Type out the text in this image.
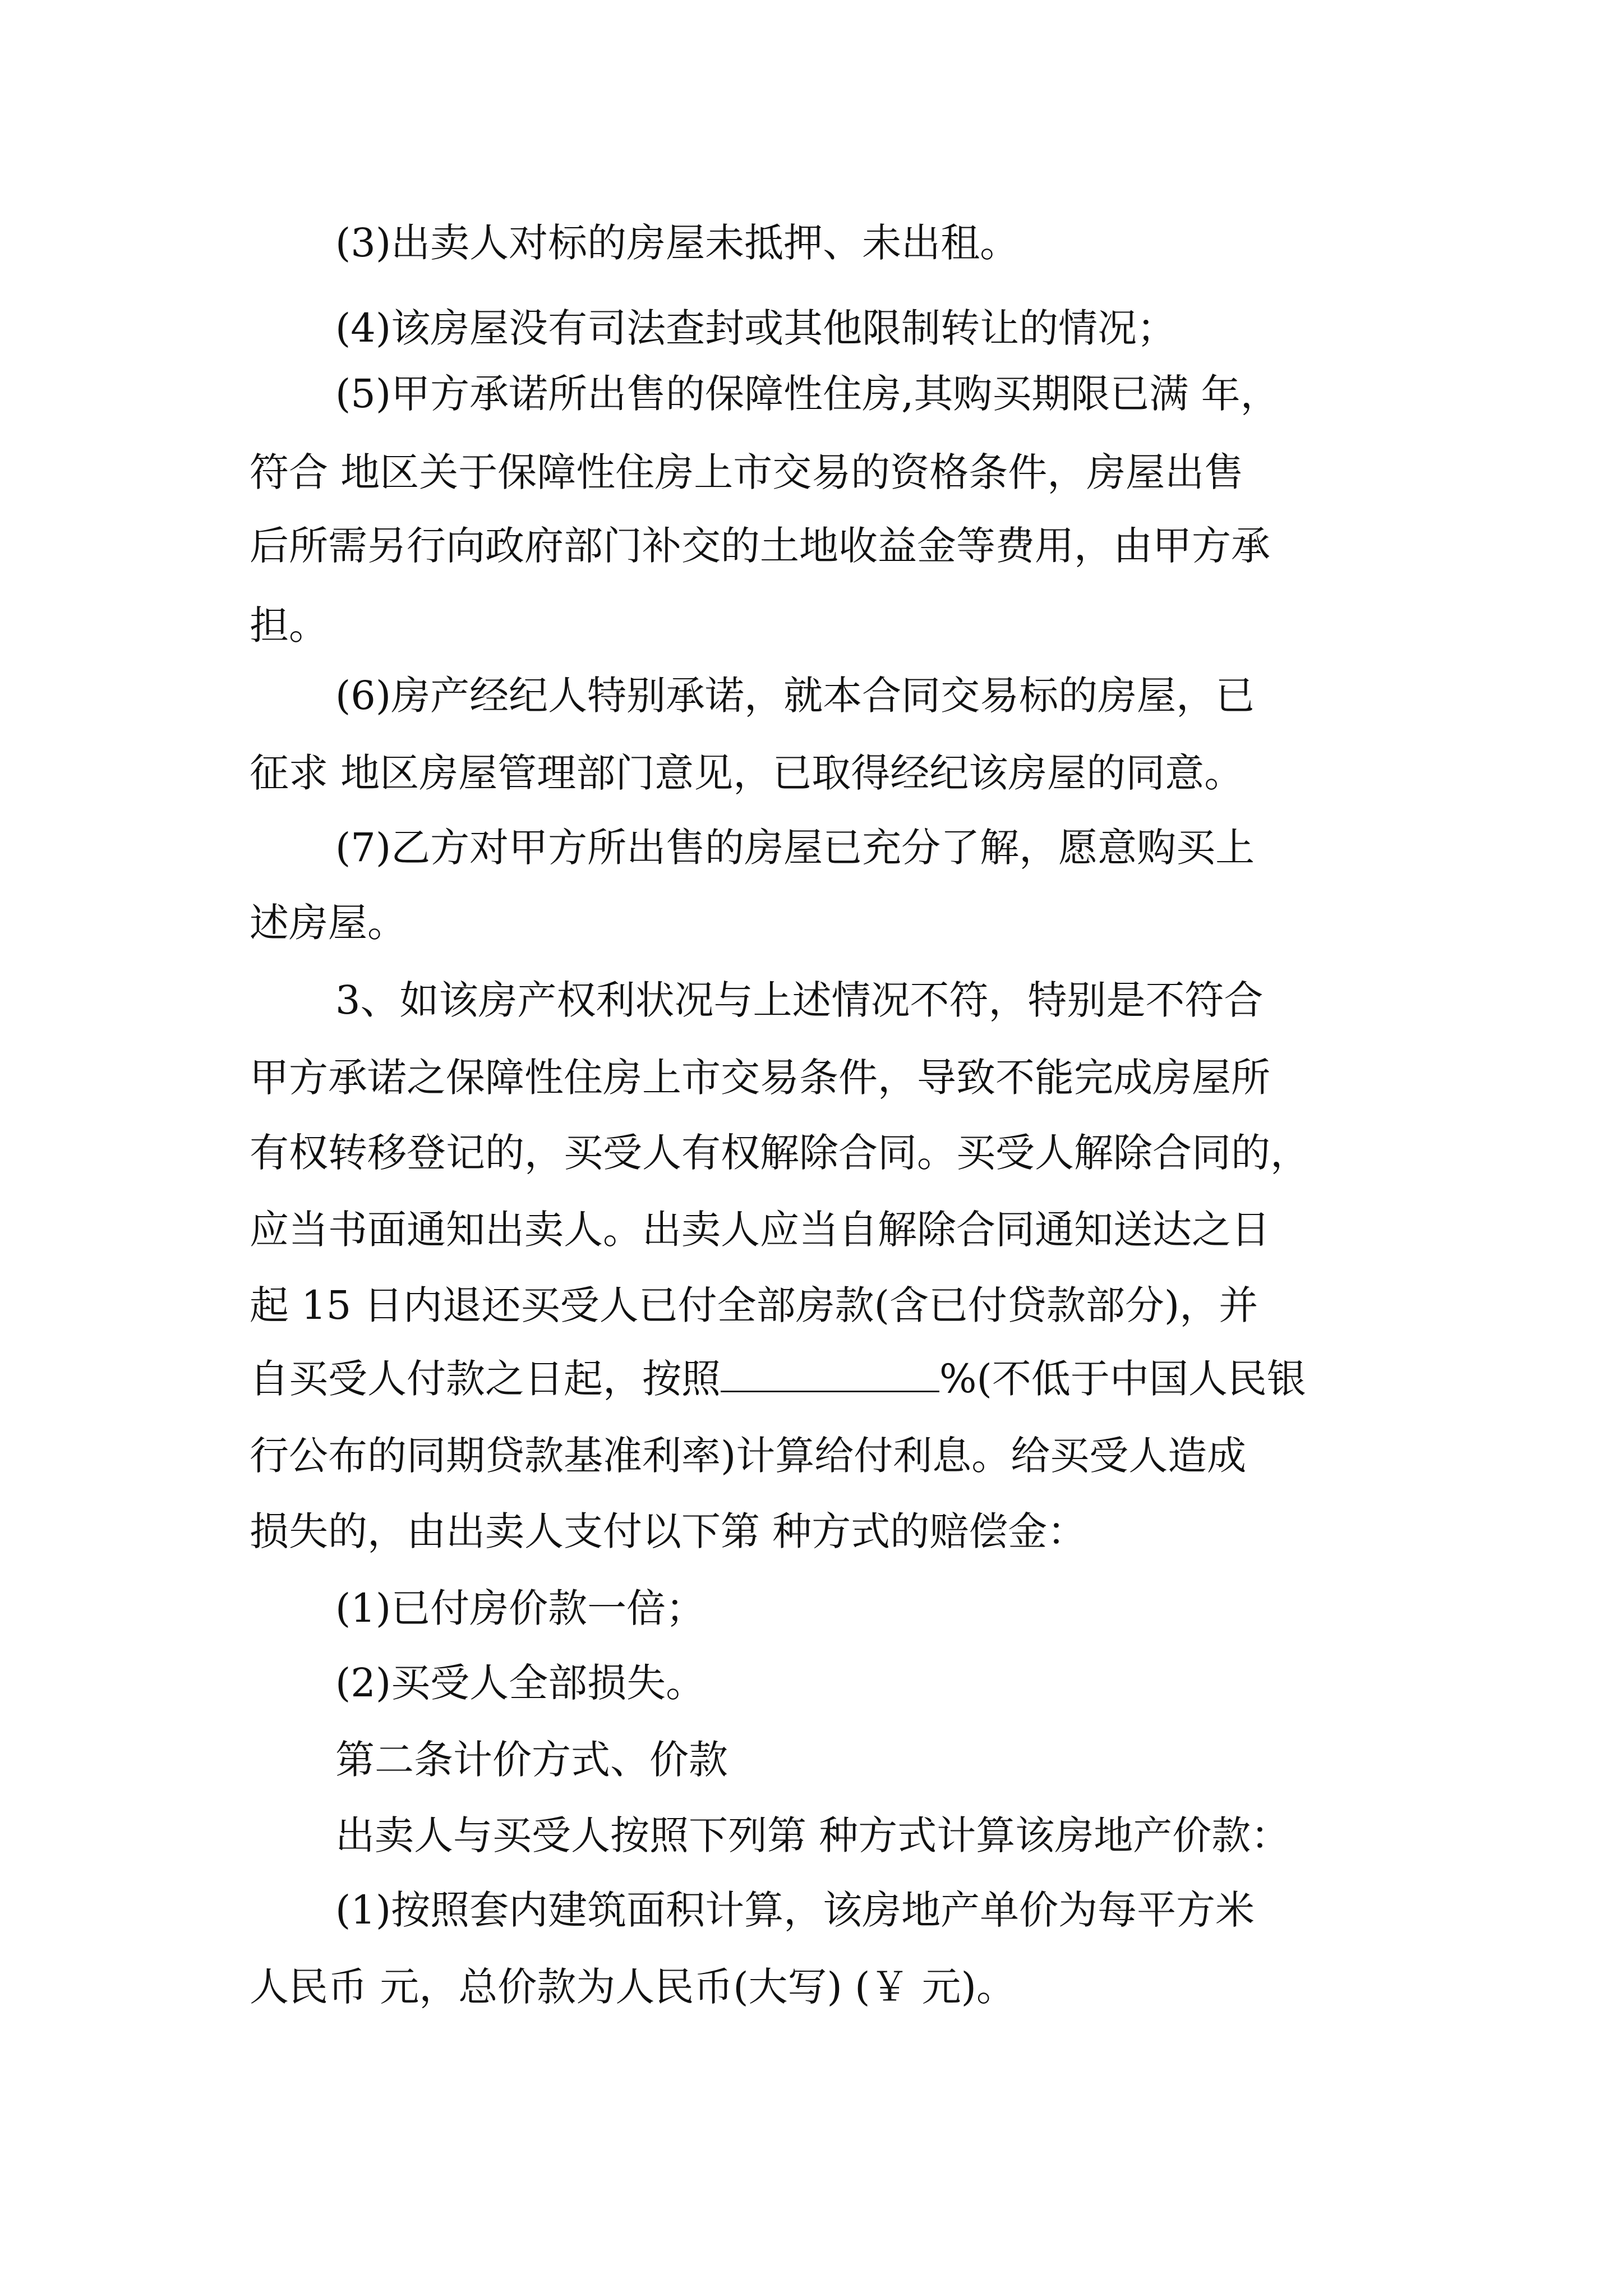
(3)出卖人对标的房屋未抵押、未出租。
(4)该房屋没有司法查封或其他限制转让的情况；
(5)甲方承诺所出售的保障性住房,其购买期限已满 年，
符合 地区关于保障性住房上市交易的资格条件，房屋出售
后所需另行向政府部门补交的土地收益金等费用，由甲方承
担。
(6)房产经纪人特别承诺，就本合同交易标的房屋，已
征求 地区房屋管理部门意见，已取得经纪该房屋的同意。
(7)乙方对甲方所出售的房屋已充分了解，愿意购买上
述房屋。
3、如该房产权利状况与上述情况不符，特别是不符合
甲方承诺之保障性住房上市交易条件，导致不能完成房屋所
有权转移登记的，买受人有权解除合同。买受人解除合同的，
应当书面通知出卖人。出卖人应当自解除合同通知送达之日
起 15 日内退还买受人已付全部房款(含已付贷款部分)，并
自买受人付款之日起，按照	%(不低于中国人民银
行公布的同期贷款基准利率)计算给付利息。给买受人造成
损失的，由出卖人支付以下第 种方式的赔偿金：
(1)已付房价款一倍；
(2)买受人全部损失。
第二条计价方式、价款
出卖人与买受人按照下列第 种方式计算该房地产价款：
(1)按照套内建筑面积计算，该房地产单价为每平方米
人民币 元，总价款为人民币(大写) (￥ 元)。
